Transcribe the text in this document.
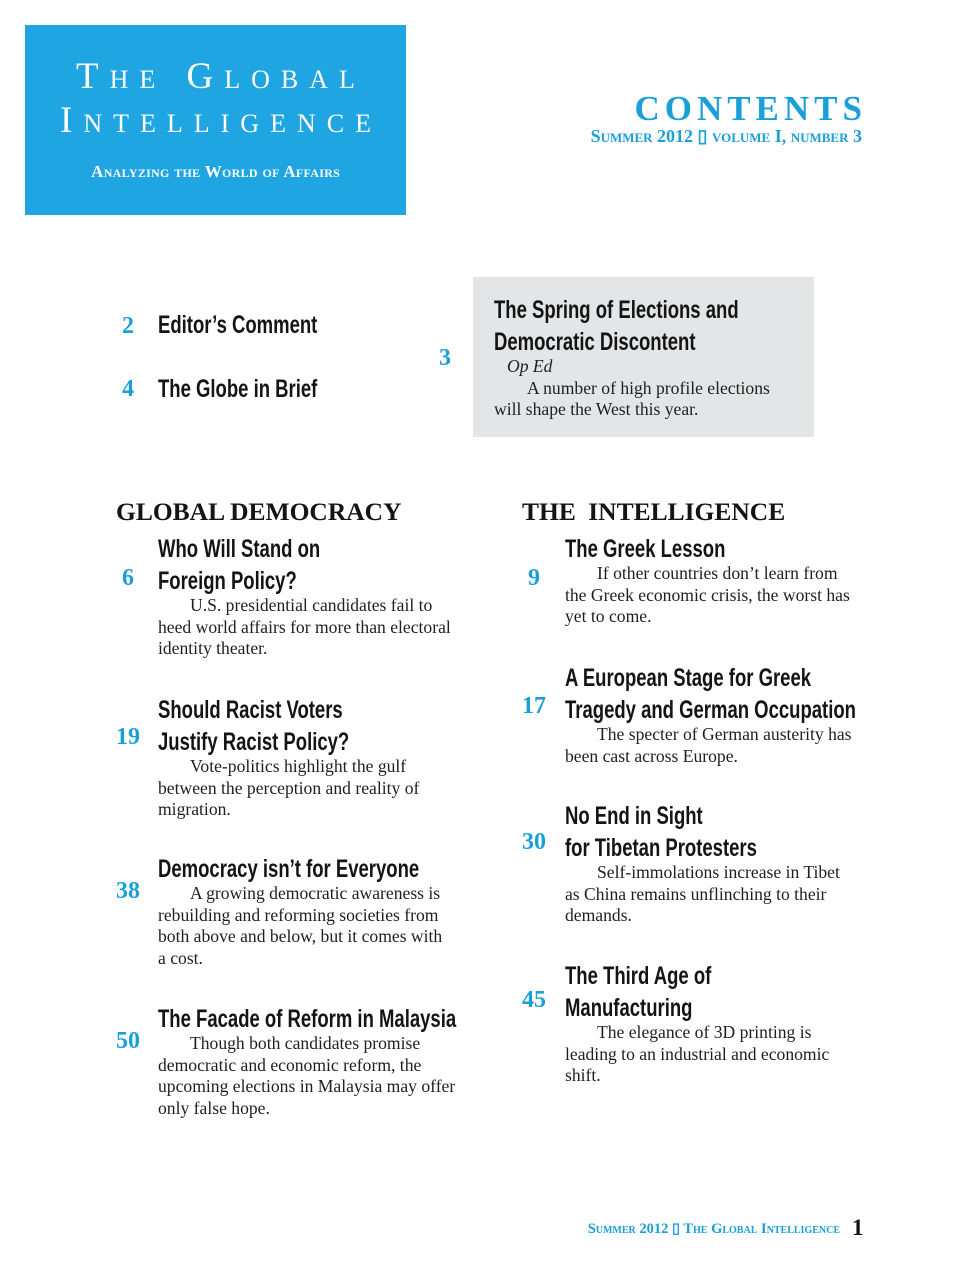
The Global
Intelligence
Analyzing the World of Affairs
CONTENTS
Summer 2012 ▯ volume I, number 3
2 Editor’s Comment
4 The Globe in Brief
3
The Spring of Elections and
Democratic Discontent
Op Ed
A number of high profile elections
will shape the West this year.
GLOBAL DEMOCRACY
6
Who Will Stand on
Foreign Policy?
U.S. presidential candidates fail to
heed world affairs for more than electoral
identity theater.
19
Should Racist Voters
Justify Racist Policy?
Vote-politics highlight the gulf
between the perception and reality of
migration.
38
Democracy isn’t for Everyone
A growing democratic awareness is
rebuilding and reforming societies from
both above and below, but it comes with
a cost.
50
The Facade of Reform in Malaysia
Though both candidates promise
democratic and economic reform, the
upcoming elections in Malaysia may offer
only false hope.
THE INTELLIGENCE
9
The Greek Lesson
If other countries don’t learn from
the Greek economic crisis, the worst has
yet to come.
17
A European Stage for Greek
Tragedy and German Occupation
The specter of German austerity has
been cast across Europe.
30
No End in Sight
for Tibetan Protesters
Self-immolations increase in Tibet
as China remains unflinching to their
demands.
45
The Third Age of
Manufacturing
The elegance of 3D printing is
leading to an industrial and economic
shift.
Summer 2012 ▯ The Global Intelligence 1
